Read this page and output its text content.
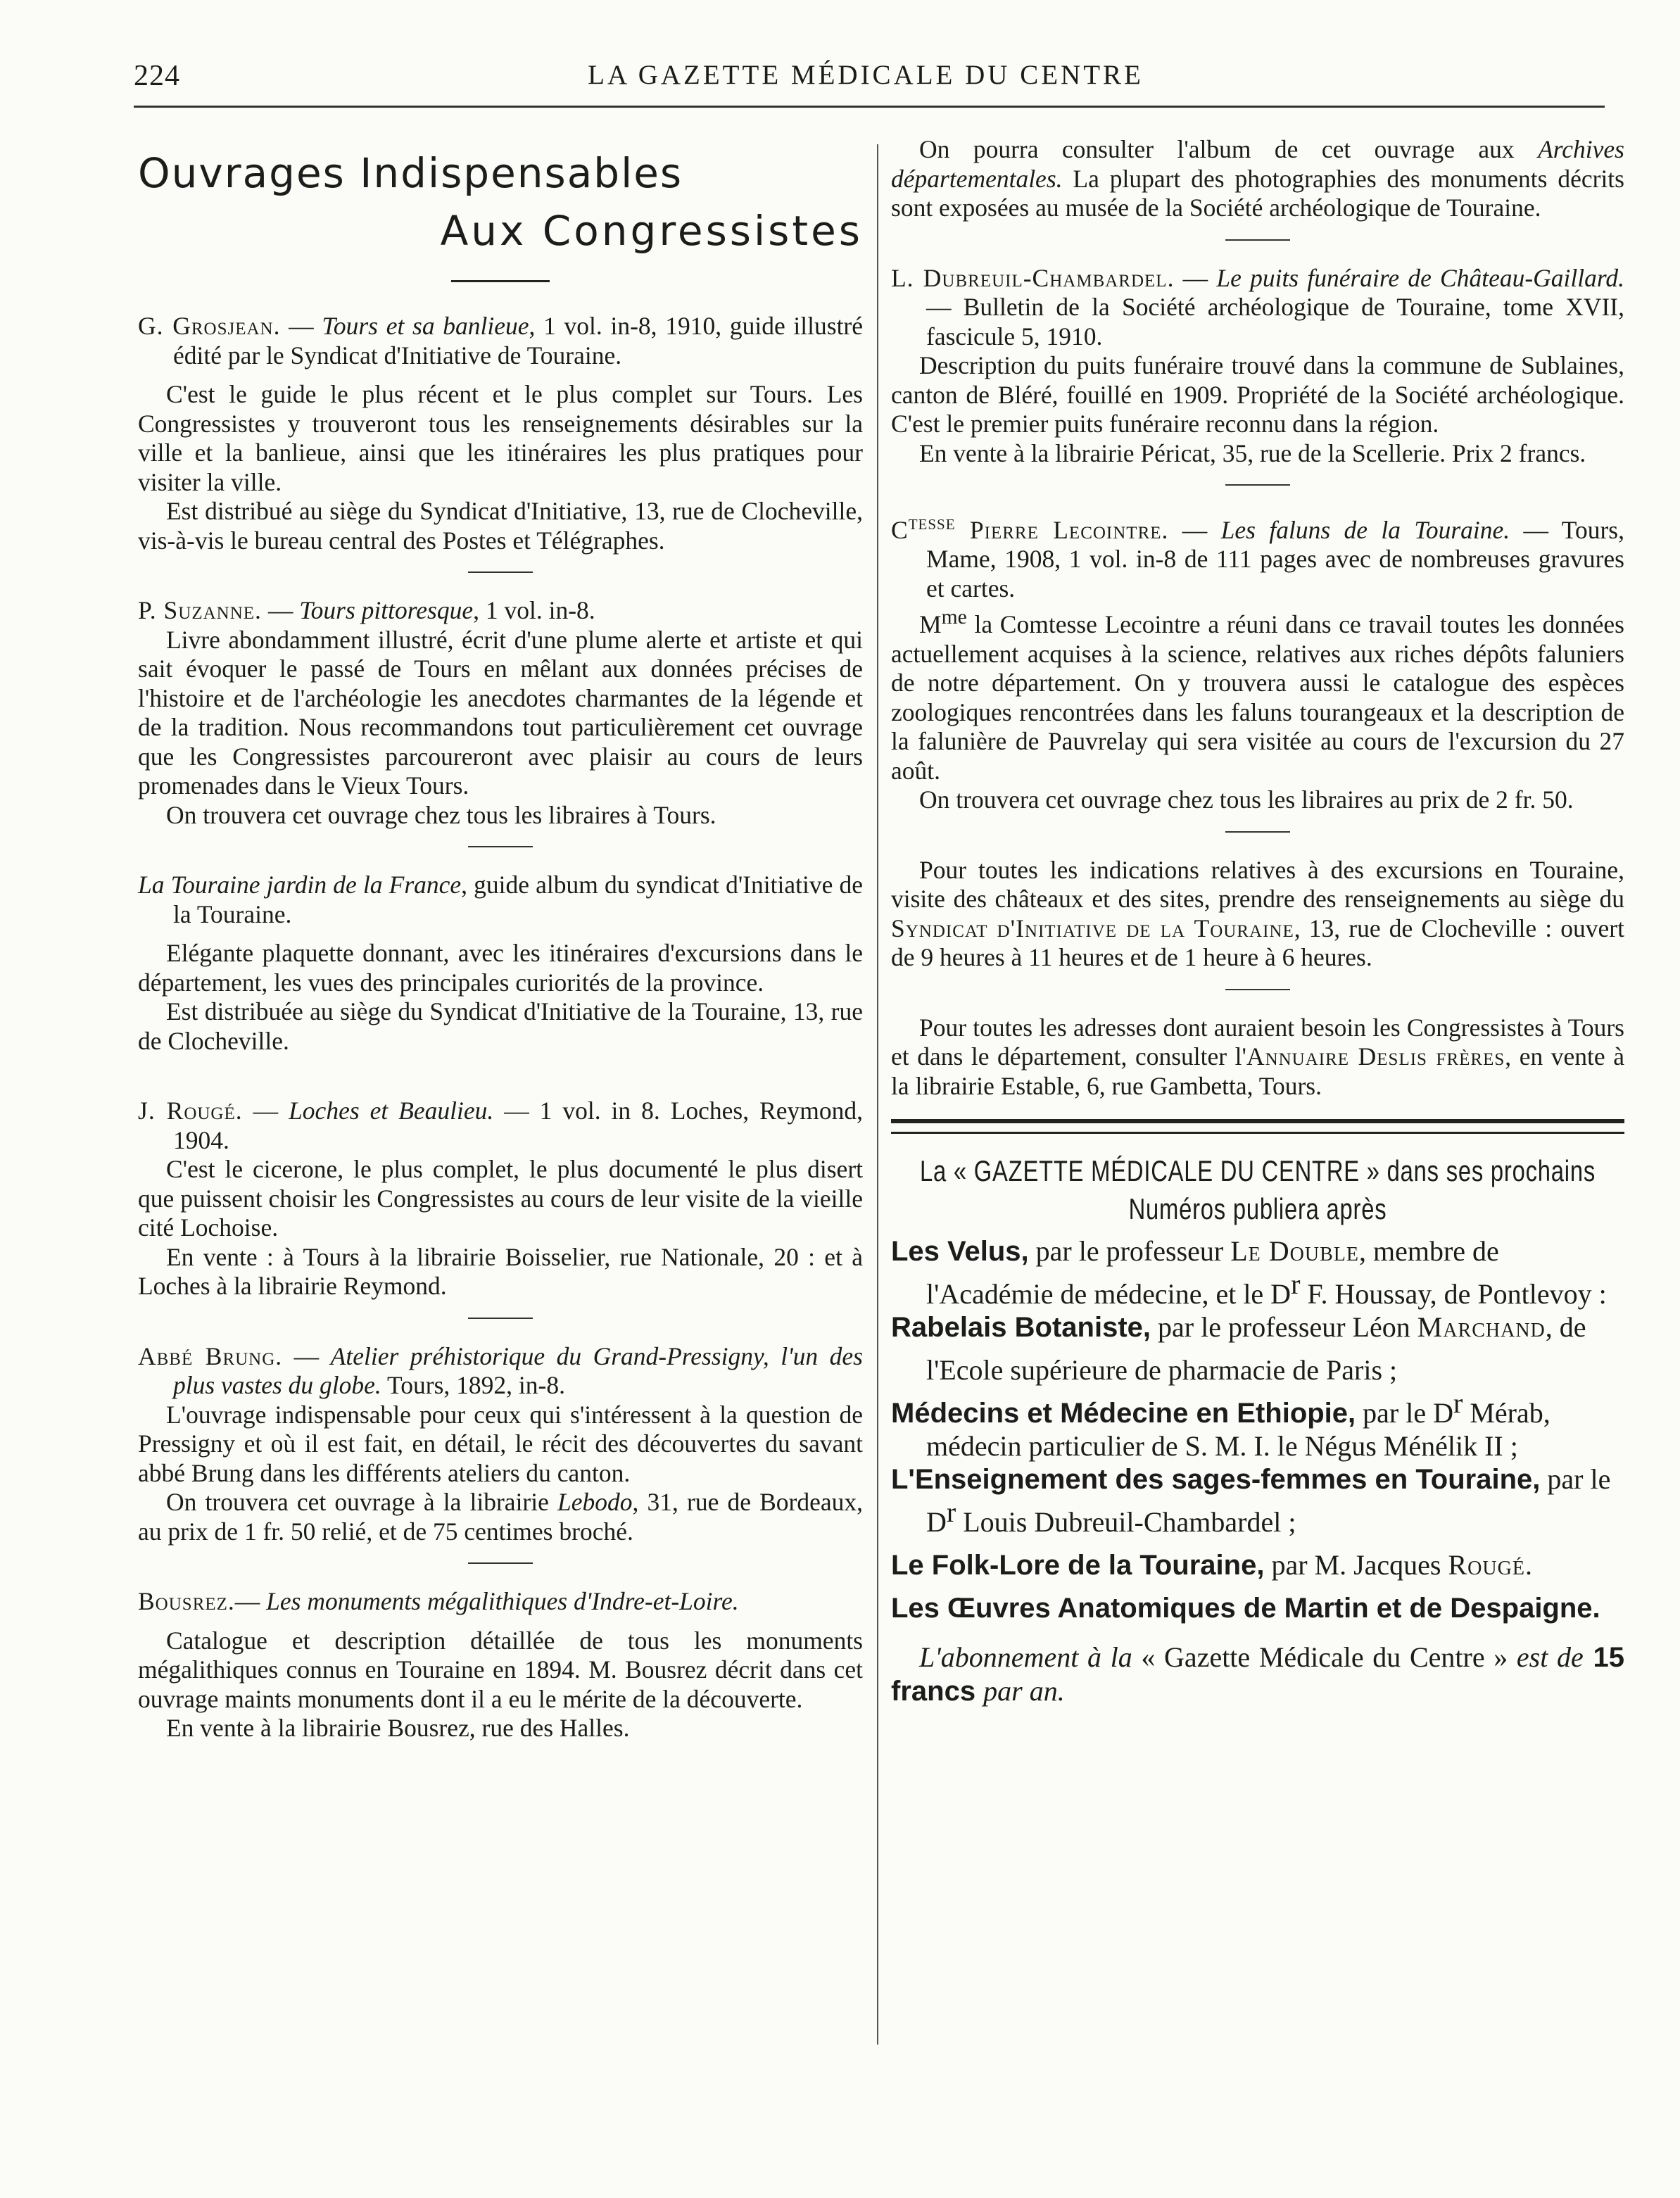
224	LA GAZETTE MÉDICALE DU CENTRE
Ouvrages Indispensables
Aux Congressistes

G. Grosjean. — Tours et sa banlieue, 1 vol. in-8, 1910, guide illustré édité par le Syndicat d'Initiative de Touraine.

C'est le guide le plus récent et le plus complet sur Tours. Les Congressistes y trouveront tous les renseignements désirables sur la ville et la banlieue, ainsi que les itinéraires les plus pratiques pour visiter la ville.

Est distribué au siège du Syndicat d'Initiative, 13, rue de Clocheville, vis-à-vis le bureau central des Postes et Télégraphes.

P. Suzanne. — Tours pittoresque, 1 vol. in-8.

Livre abondamment illustré, écrit d'une plume alerte et artiste et qui sait évoquer le passé de Tours en mêlant aux données précises de l'histoire et de l'archéologie les anecdotes charmantes de la légende et de la tradition. Nous recommandons tout particulièrement cet ouvrage que les Congressistes parcoureront avec plaisir au cours de leurs promenades dans le Vieux Tours.

On trouvera cet ouvrage chez tous les libraires à Tours.

La Touraine jardin de la France, guide album du syndicat d'Initiative de la Touraine.

Elégante plaquette donnant, avec les itinéraires d'excursions dans le département, les vues des principales curiorités de la province.

Est distribuée au siège du Syndicat d'Initiative de la Touraine, 13, rue de Clocheville.

J. Rougé. — Loches et Beaulieu. — 1 vol. in 8. Loches, Reymond, 1904.

C'est le cicerone, le plus complet, le plus documenté le plus disert que puissent choisir les Congressistes au cours de leur visite de la vieille cité Lochoise.

En vente : à Tours à la librairie Boisselier, rue Nationale, 20 : et à Loches à la librairie Reymond.

Abbé Brung. — Atelier préhistorique du Grand-Pressigny, l'un des plus vastes du globe. Tours, 1892, in-8.

L'ouvrage indispensable pour ceux qui s'intéressent à la question de Pressigny et où il est fait, en détail, le récit des découvertes du savant abbé Brung dans les différents ateliers du canton.

On trouvera cet ouvrage à la librairie Lebodo, 31, rue de Bordeaux, au prix de 1 fr. 50 relié, et de 75 centimes broché.

Bousrez.— Les monuments mégalithiques d'Indre-et-Loire.

Catalogue et description détaillée de tous les monuments mégalithiques connus en Touraine en 1894. M. Bousrez décrit dans cet ouvrage maints monuments dont il a eu le mérite de la découverte.

En vente à la librairie Bousrez, rue des Halles.

On pourra consulter l'album de cet ouvrage aux Archives départementales. La plupart des photographies des monuments décrits sont exposées au musée de la Société archéologique de Touraine.

L. Dubreuil-Chambardel. — Le puits funéraire de Château-Gaillard. — Bulletin de la Société archéologique de Touraine, tome XVII, fascicule 5, 1910.

Description du puits funéraire trouvé dans la commune de Sublaines, canton de Bléré, fouillé en 1909. Propriété de la Société archéologique. C'est le premier puits funéraire reconnu dans la région.

En vente à la librairie Péricat, 35, rue de la Scellerie. Prix 2 francs.

$C^{tesse}$ Pierre Lecointre. — Les faluns de la Touraine. — Tours, Mame, 1908, 1 vol. in-8 de 111 pages avec de nombreuses gravures et cartes.

$M^{me}$ la Comtesse Lecointre a réuni dans ce travail toutes les données actuellement acquises à la science, relatives aux riches dépôts faluniers de notre département. On y trouvera aussi le catalogue des espèces zoologiques rencontrées dans les faluns tourangeaux et la description de la falunière de Pauvrelay qui sera visitée au cours de l'excursion du 27 août.

On trouvera cet ouvrage chez tous les libraires au prix de 2 fr. 50.

Pour toutes les indications relatives à des excursions en Touraine, visite des châteaux et des sites, prendre des renseignements au siège du Syndicat d'Initiative de la Touraine, 13, rue de Clocheville : ouvert de 9 heures à 11 heures et de 1 heure à 6 heures.

Pour toutes les adresses dont auraient besoin les Congressistes à Tours et dans le département, consulter l'Annuaire Deslis frères, en vente à la librairie Estable, 6, rue Gambetta, Tours.

La « GAZETTE MÉDICALE DU CENTRE » dans ses prochains Numéros publiera après

Les Velus, par le professeur Le Double, membre de l'Académie de médecine, et le $D^r$ F. Houssay, de Pontlevoy :

Rabelais Botaniste, par le professeur Léon Marchand, de l'Ecole supérieure de pharmacie de Paris ;

Médecins et Médecine en Ethiopie, par le $D^r$ Mérab, médecin particulier de S. M. I. le Négus Ménélik II ;

L'Enseignement des sages-femmes en Touraine, par le $D^r$ Louis Dubreuil-Chambardel ;

Le Folk-Lore de la Touraine, par M. Jacques Rougé.

Les Œuvres Anatomiques de Martin et de Despaigne.

L'abonnement à la « Gazette Médicale du Centre » est de 15 francs par an.
